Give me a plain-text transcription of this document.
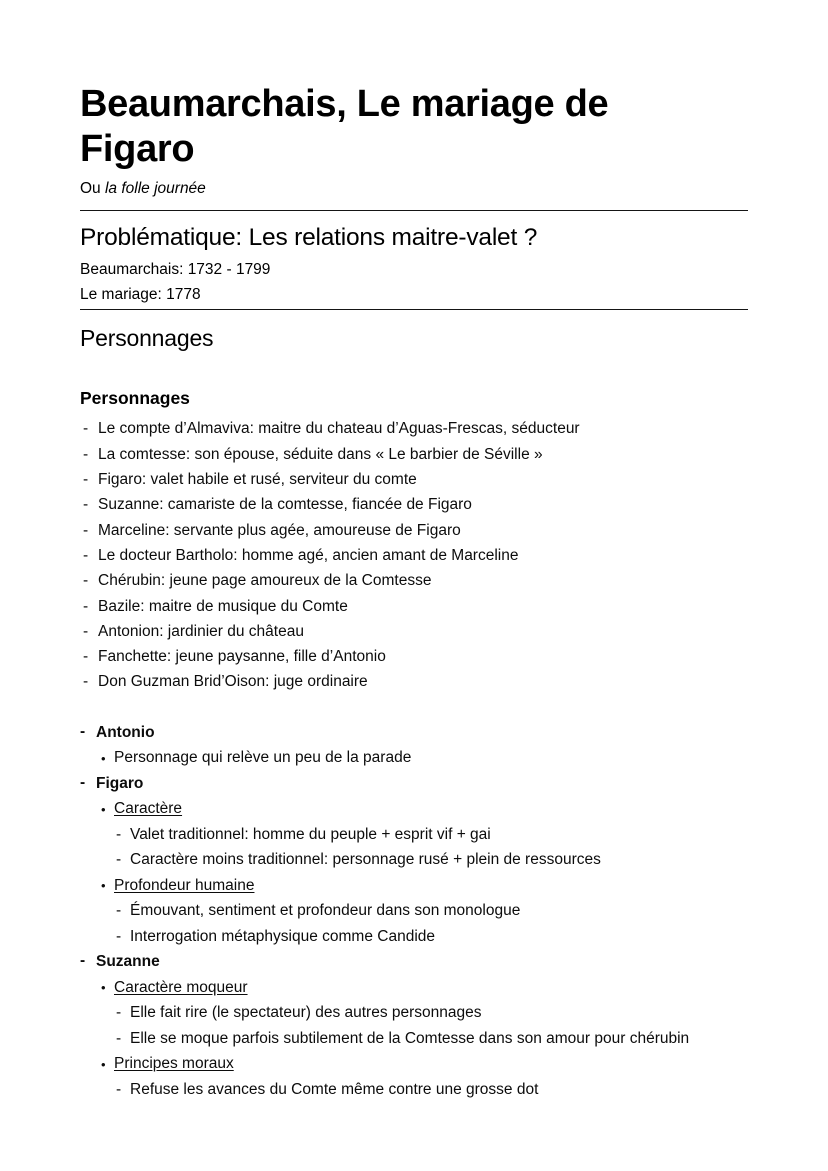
Beaumarchais, Le mariage de Figaro

Ou la folle journée

Problématique: Les relations maitre-valet ?

Beaumarchais: 1732 - 1799

Le mariage: 1778

Personnages
Personnages
- Le compte d’Almaviva: maitre du chateau d’Aguas-Frescas, séducteur
- La comtesse: son épouse, séduite dans « Le barbier de Séville »
- Figaro: valet habile et rusé, serviteur du comte
- Suzanne: camariste de la comtesse, fiancée de Figaro
- Marceline: servante plus agée, amoureuse de Figaro
- Le docteur Bartholo: homme agé, ancien amant de Marceline
- Chérubin: jeune page amoureux de la Comtesse
- Bazile: maitre de musique du Comte
- Antonion: jardinier du château
- Fanchette: jeune paysanne, fille d’Antonio
- Don Guzman Brid’Oison: juge ordinaire
- Antonio
• Personnage qui relève un peu de la parade
- Figaro
• Caractère
- Valet traditionnel: homme du peuple + esprit vif + gai
- Caractère moins traditionnel: personnage rusé + plein de ressources
• Profondeur humaine
- Émouvant, sentiment et profondeur dans son monologue
- Interrogation métaphysique comme Candide
- Suzanne
• Caractère moqueur
- Elle fait rire (le spectateur) des autres personnages
- Elle se moque parfois subtilement de la Comtesse dans son amour pour chérubin
• Principes moraux
- Refuse les avances du Comte même contre une grosse dot
